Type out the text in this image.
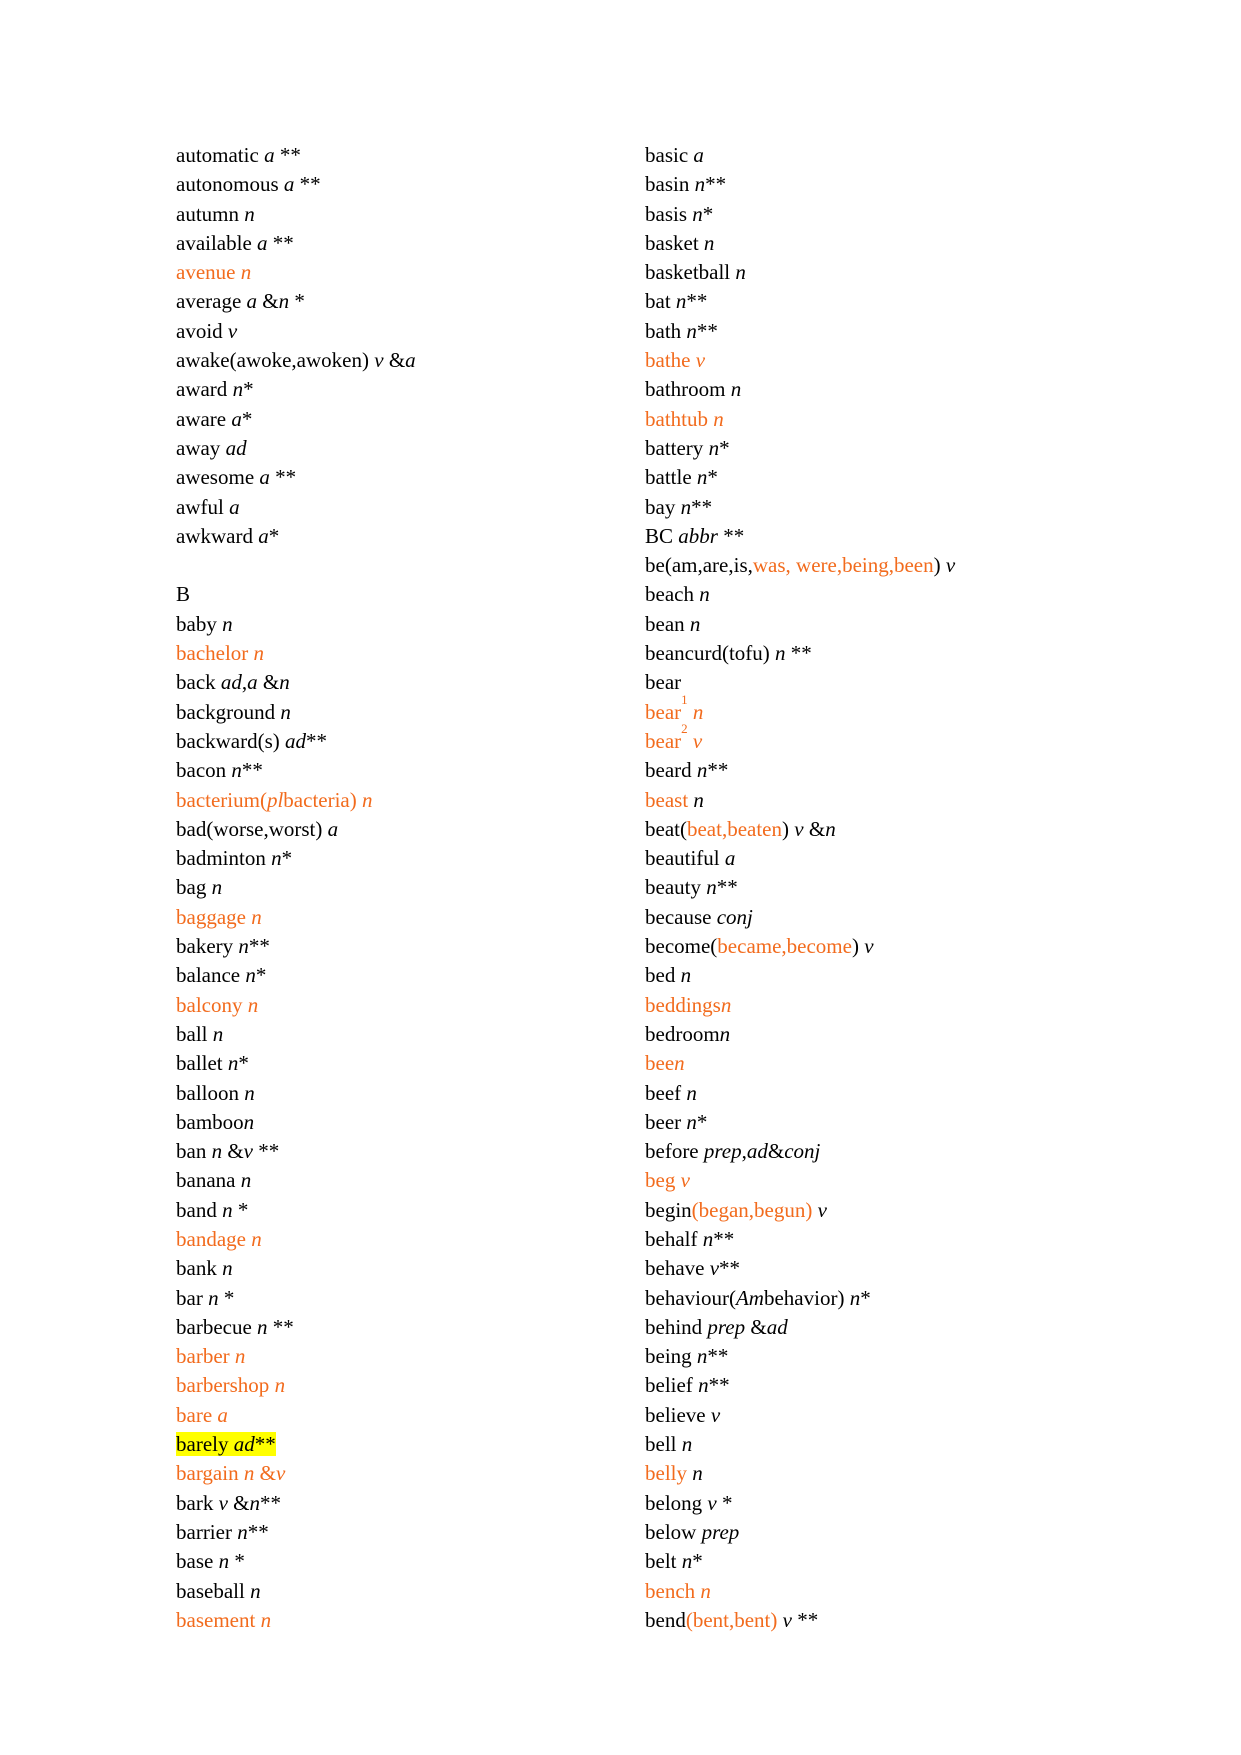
automatic a **
autonomous a **
autumn n
available a **
avenue n
average a &n *
avoid v
awake(awoke,awoken) v &a
award n*
aware a*
away ad
awesome a **
awful a
awkward a*
B
baby n
bachelor n
back ad,a &n
background n
backward(s) ad**
bacon n**
bacterium(plbacteria) n
bad(worse,worst) a
badminton n*
bag n
baggage n
bakery n**
balance n*
balcony n
ball n
ballet n*
balloon n
bamboon
ban n &v **
banana n
band n *
bandage n
bank n
bar n *
barbecue n **
barber n
barbershop n
bare a
barely ad**
bargain n &v
bark v &n**
barrier n**
base n *
baseball n
basement n
basic a
basin n**
basis n*
basket n
basketball n
bat n**
bath n**
bathe v
bathroom n
bathtub n
battery n*
battle n*
bay n**
BC abbr **
be(am,are,is,was, were,being,been) v
beach n
bean n
beancurd(tofu) n **
bear
bear$^1$ n
bear$^2$ v
beard n**
beast n
beat(beat,beaten) v &n
beautiful a
beauty n**
because conj
become(became,become) v
bed n
beddingsn
bedroomn
been
beef n
beer n*
before prep,ad&conj
beg v
begin(began,begun) v
behalf n**
behave v**
behaviour(Ambehavior) n*
behind prep &ad
being n**
belief n**
believe v
bell n
belly n
belong v *
below prep
belt n*
bench n
bend(bent,bent) v **
